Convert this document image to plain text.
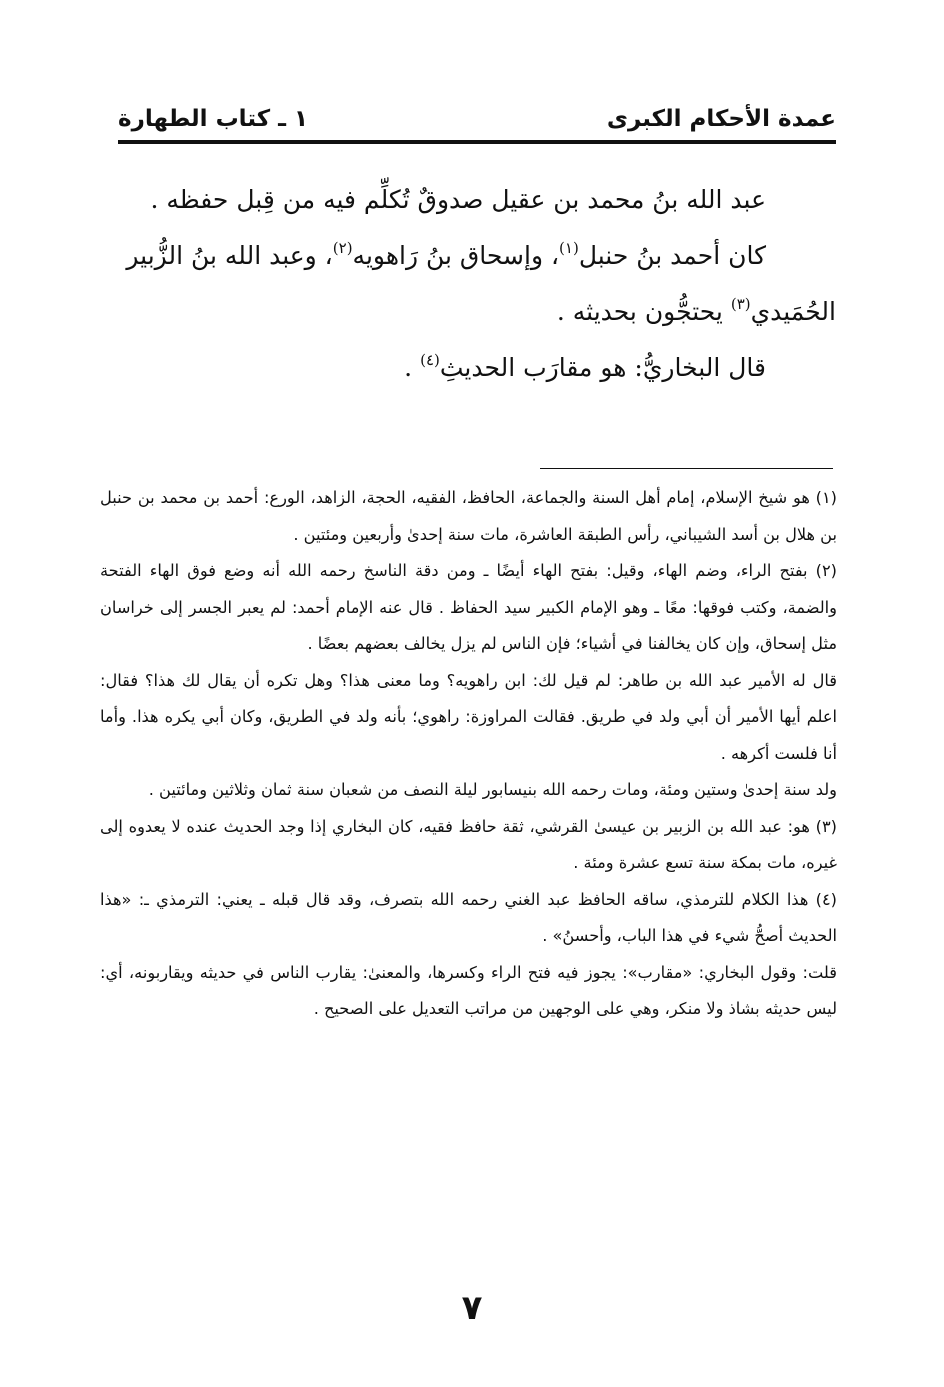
عمدة الأحكام الكبرى
١ ـ كتاب الطهارة

عبد الله بنُ محمد بن عقيل صدوقٌ تُكلِّم فيه من قِبل حفظه .

كان أحمد بنُ حنبل$^{(١)}$، وإسحاق بنُ رَاهويه$^{(٢)}$، وعبد الله بنُ الزُّبير

الحُمَيدي$^{(٣)}$ يحتجُّون بحديثه .

قال البخاريُّ: هو مقارَب الحديثِ$^{(٤)}$ .

(١) هو شيخ الإسلام، إمام أهل السنة والجماعة، الحافظ، الفقيه، الحجة، الزاهد، الورع: أحمد بن محمد بن حنبل بن هلال بن أسد الشيباني، رأس الطبقة العاشرة، مات سنة إحدىٰ وأربعين ومئتين .

(٢) بفتح الراء، وضم الهاء، وقيل: بفتح الهاء أيضًا ـ ومن دقة الناسخ رحمه الله أنه وضع فوق الهاء الفتحة والضمة، وكتب فوقها: معًا ـ وهو الإمام الكبير سيد الحفاظ . قال عنه الإمام أحمد: لم يعبر الجسر إلى خراسان مثل إسحاق، وإن كان يخالفنا في أشياء؛ فإن الناس لم يزل يخالف بعضهم بعضًا .

قال له الأمير عبد الله بن طاهر: لم قيل لك: ابن راهويه؟ وما معنى هذا؟ وهل تكره أن يقال لك هذا؟ فقال: اعلم أيها الأمير أن أبي ولد في طريق. فقالت المراوزة: راهوي؛ بأنه ولد في الطريق، وكان أبي يكره هذا. وأما أنا فلست أكرهه .

ولد سنة إحدىٰ وستين ومئة، ومات رحمه الله بنيسابور ليلة النصف من شعبان سنة ثمان وثلاثين ومائتين .

(٣) هو: عبد الله بن الزبير بن عيسىٰ القرشي، ثقة حافظ فقيه، كان البخاري إذا وجد الحديث عنده لا يعدوه إلى غيره، مات بمكة سنة تسع عشرة ومئة .

(٤) هذا الكلام للترمذي، ساقه الحافظ عبد الغني رحمه الله بتصرف، وقد قال قبله ـ يعني: الترمذي ـ: «هذا الحديث أصحُّ شيء في هذا الباب، وأحسنُ» .

قلت: وقول البخاري: «مقارب»: يجوز فيه فتح الراء وكسرها، والمعنىٰ: يقارب الناس في حديثه ويقاربونه، أي: ليس حديثه بشاذ ولا منكر، وهي على الوجهين من مراتب التعديل على الصحيح .

٧
